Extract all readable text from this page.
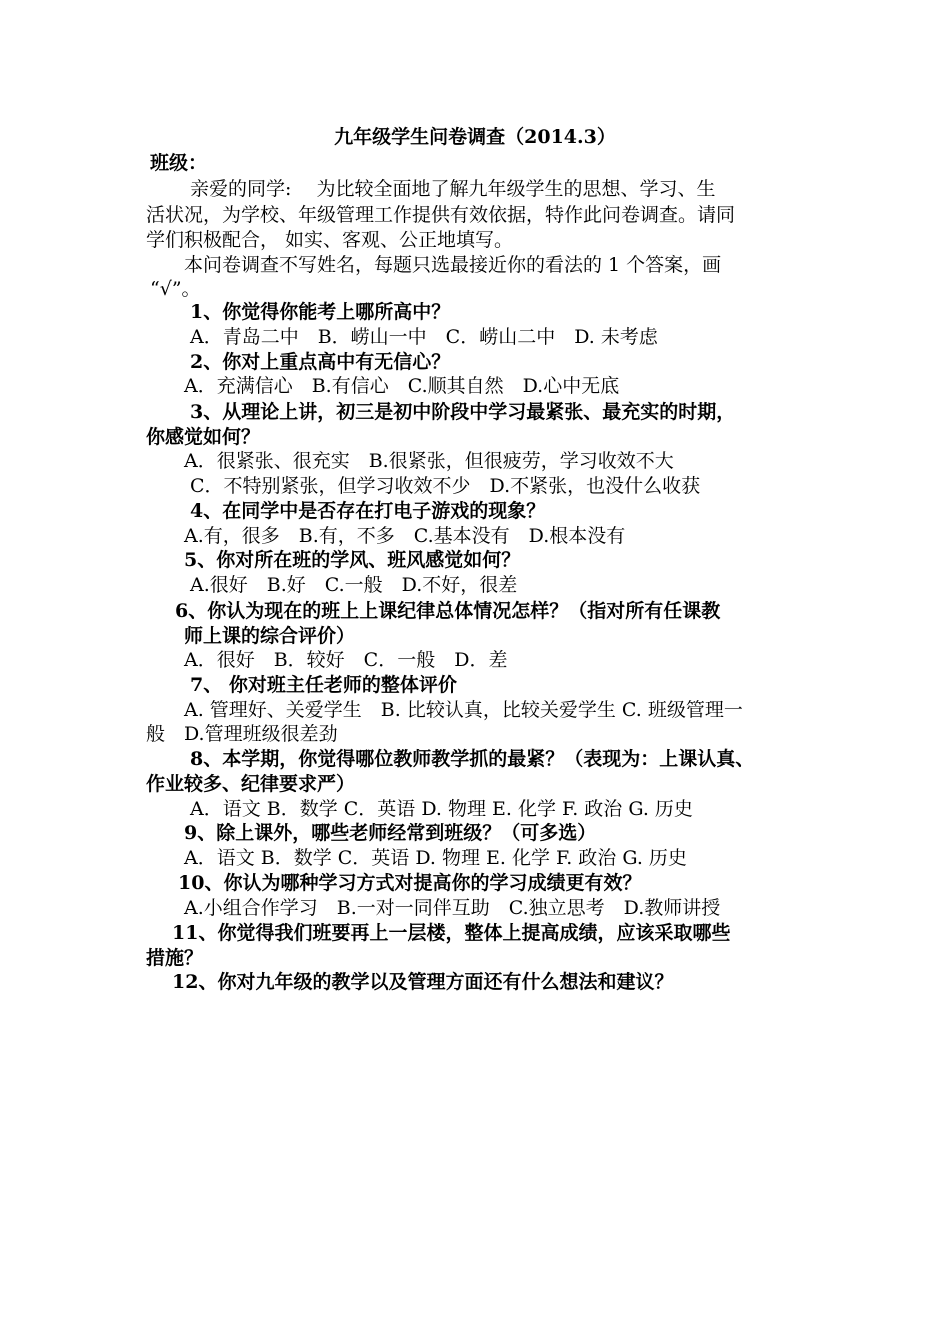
九年级学生问卷调查（2014.3）
班级：
亲爱的同学:　 为比较全面地了解九年级学生的思想、学习、生
活状况，为学校、年级管理工作提供有效依据，特作此问卷调查。请同
学们积极配合， 如实、客观、公正地填写。
本问卷调查不写姓名，每题只选最接近你的看法的 1 个答案，画
“√”。
1、你觉得你能考上哪所高中？
A．青岛二中　B．崂山一中　C．崂山二中　D. 未考虑
2、你对上重点高中有无信心？
A．充满信心　B.有信心　C.顺其自然　D.心中无底
3、从理论上讲，初三是初中阶段中学习最紧张、最充实的时期，
你感觉如何？
A．很紧张、很充实　B.很紧张，但很疲劳，学习收效不大
C．不特别紧张，但学习收效不少　D.不紧张，也没什么收获
4、在同学中是否存在打电子游戏的现象？
A.有，很多　B.有，不多　C.基本没有　D.根本没有
5、你对所在班的学风、班风感觉如何？
A.很好　B.好　C.一般　D.不好，很差
6、你认为现在的班上上课纪律总体情况怎样？（指对所有任课教
师上课的综合评价）
A．很好　B．较好　C．一般　D．差
7、 你对班主任老师的整体评价
A. 管理好、关爱学生　B. 比较认真，比较关爱学生 C. 班级管理一
般　D.管理班级很差劲
8、本学期，你觉得哪位教师教学抓的最紧？（表现为：上课认真、
作业较多、纪律要求严）
A．语文 B．数学 C．英语 D. 物理 E. 化学 F. 政治 G. 历史
9、除上课外，哪些老师经常到班级？（可多选）
A．语文 B．数学 C．英语 D. 物理 E. 化学 F. 政治 G. 历史
10、你认为哪种学习方式对提高你的学习成绩更有效？
A.小组合作学习　B.一对一同伴互助　C.独立思考　D.教师讲授
11、你觉得我们班要再上一层楼，整体上提高成绩，应该采取哪些
措施？
12、你对九年级的教学以及管理方面还有什么想法和建议？
